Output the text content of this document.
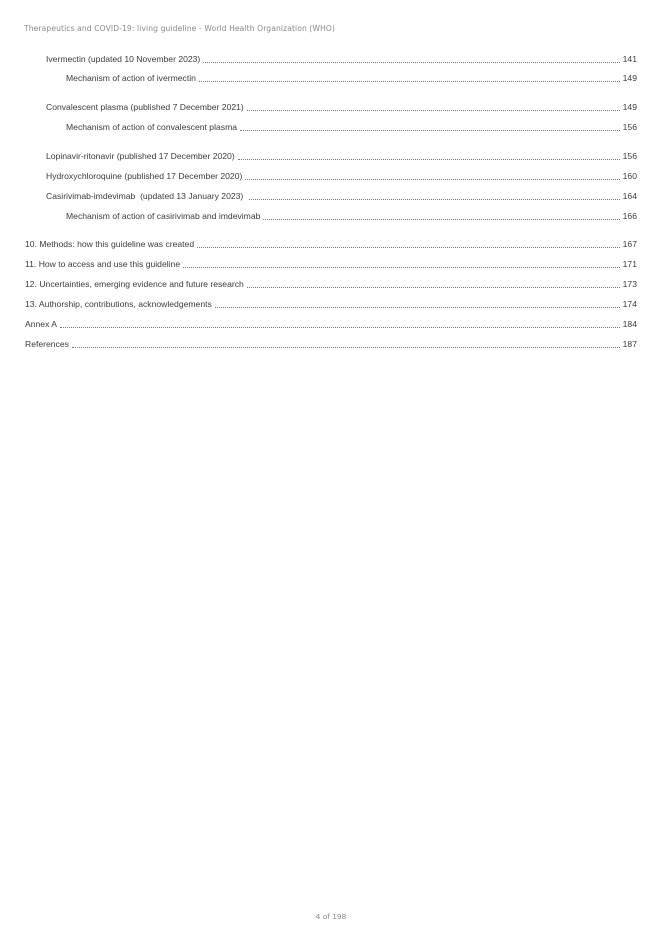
Therapeutics and COVID-19: living guideline - World Health Organization (WHO)
Ivermectin (updated 10 November 2023)	141
Mechanism of action of ivermectin	149
Convalescent plasma (published 7 December 2021)	149
Mechanism of action of convalescent plasma	156
Lopinavir-ritonavir (published 17 December 2020)	156
Hydroxychloroquine (published 17 December 2020)	160
Casirivimab-imdevimab  (updated 13 January 2023)	164
Mechanism of action of casirivimab and imdevimab	166
10. Methods: how this guideline was created	167
11. How to access and use this guideline	171
12. Uncertainties, emerging evidence and future research	173
13. Authorship, contributions, acknowledgements	174
Annex A	184
References	187
4 of 198
